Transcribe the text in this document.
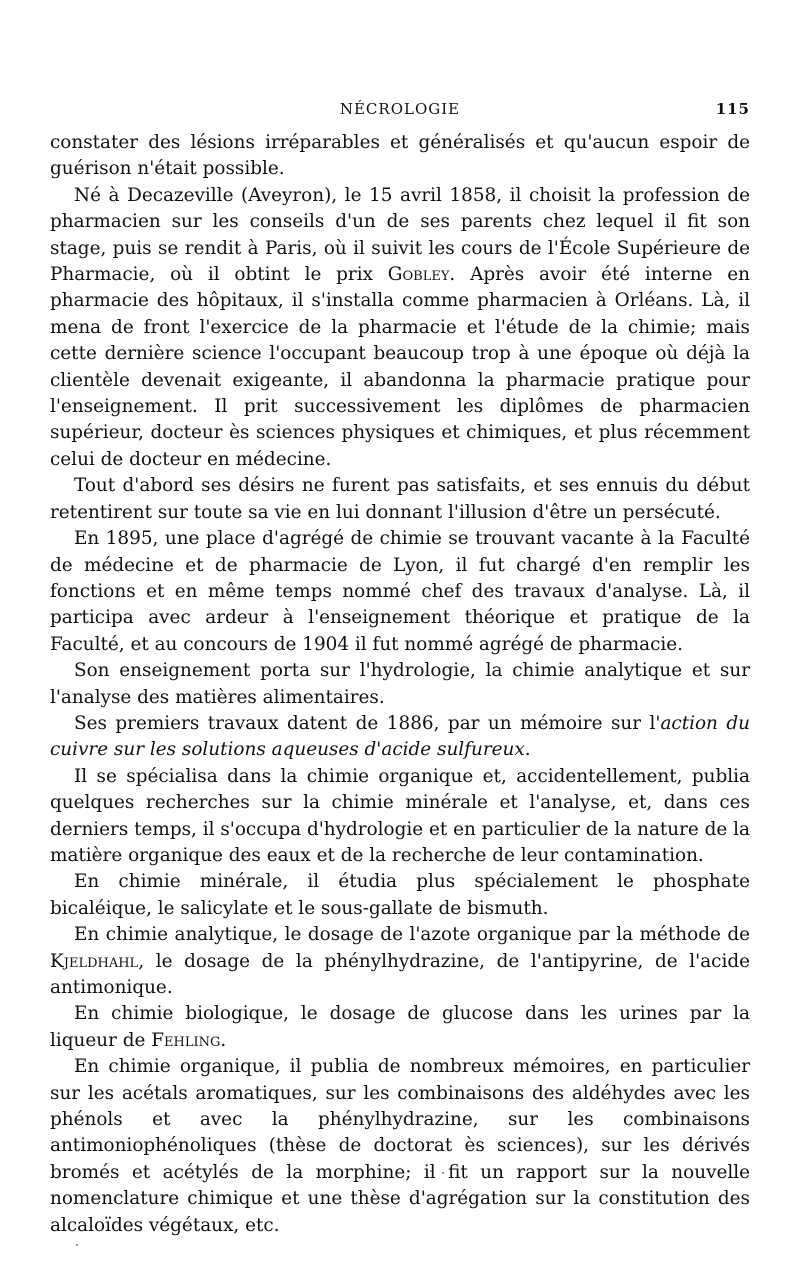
NÉCROLOGIE	115

constater des lésions irréparables et généralisés et qu'aucun espoir de guérison n'était possible.

Né à Decazeville (Aveyron), le 15 avril 1858, il choisit la profession de pharmacien sur les conseils d'un de ses parents chez lequel il fit son stage, puis se rendit à Paris, où il suivit les cours de l'École Supérieure de Pharmacie, où il obtint le prix Gobley. Après avoir été interne en pharmacie des hôpitaux, il s'installa comme pharmacien à Orléans. Là, il mena de front l'exercice de la pharmacie et l'étude de la chimie; mais cette dernière science l'occupant beaucoup trop à une époque où déjà la clientèle devenait exigeante, il abandonna la pharmacie pratique pour l'enseignement. Il prit successivement les diplômes de pharmacien supérieur, docteur ès sciences physiques et chimiques, et plus récemment celui de docteur en médecine.

Tout d'abord ses désirs ne furent pas satisfaits, et ses ennuis du début retentirent sur toute sa vie en lui donnant l'illusion d'être un persécuté.

En 1895, une place d'agrégé de chimie se trouvant vacante à la Faculté de médecine et de pharmacie de Lyon, il fut chargé d'en remplir les fonctions et en même temps nommé chef des travaux d'analyse. Là, il participa avec ardeur à l'enseignement théorique et pratique de la Faculté, et au concours de 1904 il fut nommé agrégé de pharmacie.

Son enseignement porta sur l'hydrologie, la chimie analytique et sur l'analyse des matières alimentaires.

Ses premiers travaux datent de 1886, par un mémoire sur l'action du cuivre sur les solutions aqueuses d'acide sulfureux.

Il se spécialisa dans la chimie organique et, accidentellement, publia quelques recherches sur la chimie minérale et l'analyse, et, dans ces derniers temps, il s'occupa d'hydrologie et en particulier de la nature de la matière organique des eaux et de la recherche de leur contamination.

En chimie minérale, il étudia plus spécialement le phosphate bicaléique, le salicylate et le sous-gallate de bismuth.

En chimie analytique, le dosage de l'azote organique par la méthode de Kjeldhahl, le dosage de la phénylhydrazine, de l'antipyrine, de l'acide antimonique.

En chimie biologique, le dosage de glucose dans les urines par la liqueur de Fehling.

En chimie organique, il publia de nombreux mémoires, en particulier sur les acétals aromatiques, sur les combinaisons des aldéhydes avec les phénols et avec la phénylhydrazine, sur les combinaisons antimoniophénoliques (thèse de doctorat ès sciences), sur les dérivés bromés et acétylés de la morphine; il fit un rapport sur la nouvelle nomenclature chimique et une thèse d'agrégation sur la constitution des alcaloïdes végétaux, etc.
